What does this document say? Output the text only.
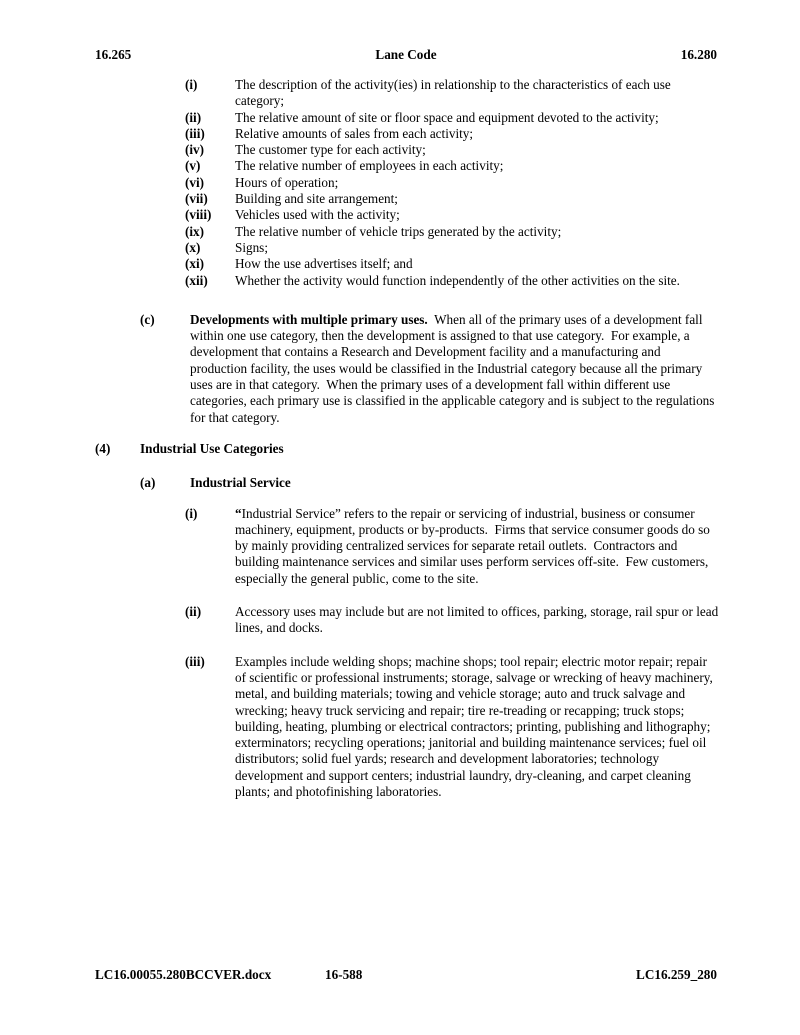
16.265	Lane Code	16.280
(i)	The description of the activity(ies) in relationship to the characteristics of each use category;
(ii)	The relative amount of site or floor space and equipment devoted to the activity;
(iii)	Relative amounts of sales from each activity;
(iv)	The customer type for each activity;
(v)	The relative number of employees in each activity;
(vi)	Hours of operation;
(vii)	Building and site arrangement;
(viii)	Vehicles used with the activity;
(ix)	The relative number of vehicle trips generated by the activity;
(x)	Signs;
(xi)	How the use advertises itself; and
(xii)	Whether the activity would function independently of the other activities on the site.
(c)	Developments with multiple primary uses.  When all of the primary uses of a development fall within one use category, then the development is assigned to that use category.  For example, a development that contains a Research and Development facility and a manufacturing and production facility, the uses would be classified in the Industrial category because all the primary uses are in that category.  When the primary uses of a development fall within different use categories, each primary use is classified in the applicable category and is subject to the regulations for that category.
(4)	Industrial Use Categories
(a)	Industrial Service
(i)	“Industrial Service” refers to the repair or servicing of industrial, business or consumer machinery, equipment, products or by-products.  Firms that service consumer goods do so by mainly providing centralized services for separate retail outlets.  Contractors and building maintenance services and similar uses perform services off-site.  Few customers, especially the general public, come to the site.
(ii)	Accessory uses may include but are not limited to offices, parking, storage, rail spur or lead lines, and docks.
(iii)	Examples include welding shops; machine shops; tool repair; electric motor repair; repair of scientific or professional instruments; storage, salvage or wrecking of heavy machinery, metal, and building materials; towing and vehicle storage; auto and truck salvage and wrecking; heavy truck servicing and repair; tire re-treading or recapping; truck stops; building, heating, plumbing or electrical contractors; printing, publishing and lithography; exterminators; recycling operations; janitorial and building maintenance services; fuel oil distributors; solid fuel yards; research and development laboratories; technology development and support centers; industrial laundry, dry-cleaning, and carpet cleaning plants; and photofinishing laboratories.
LC16.00055.280BCCVER.docx	16-588	LC16.259_280
